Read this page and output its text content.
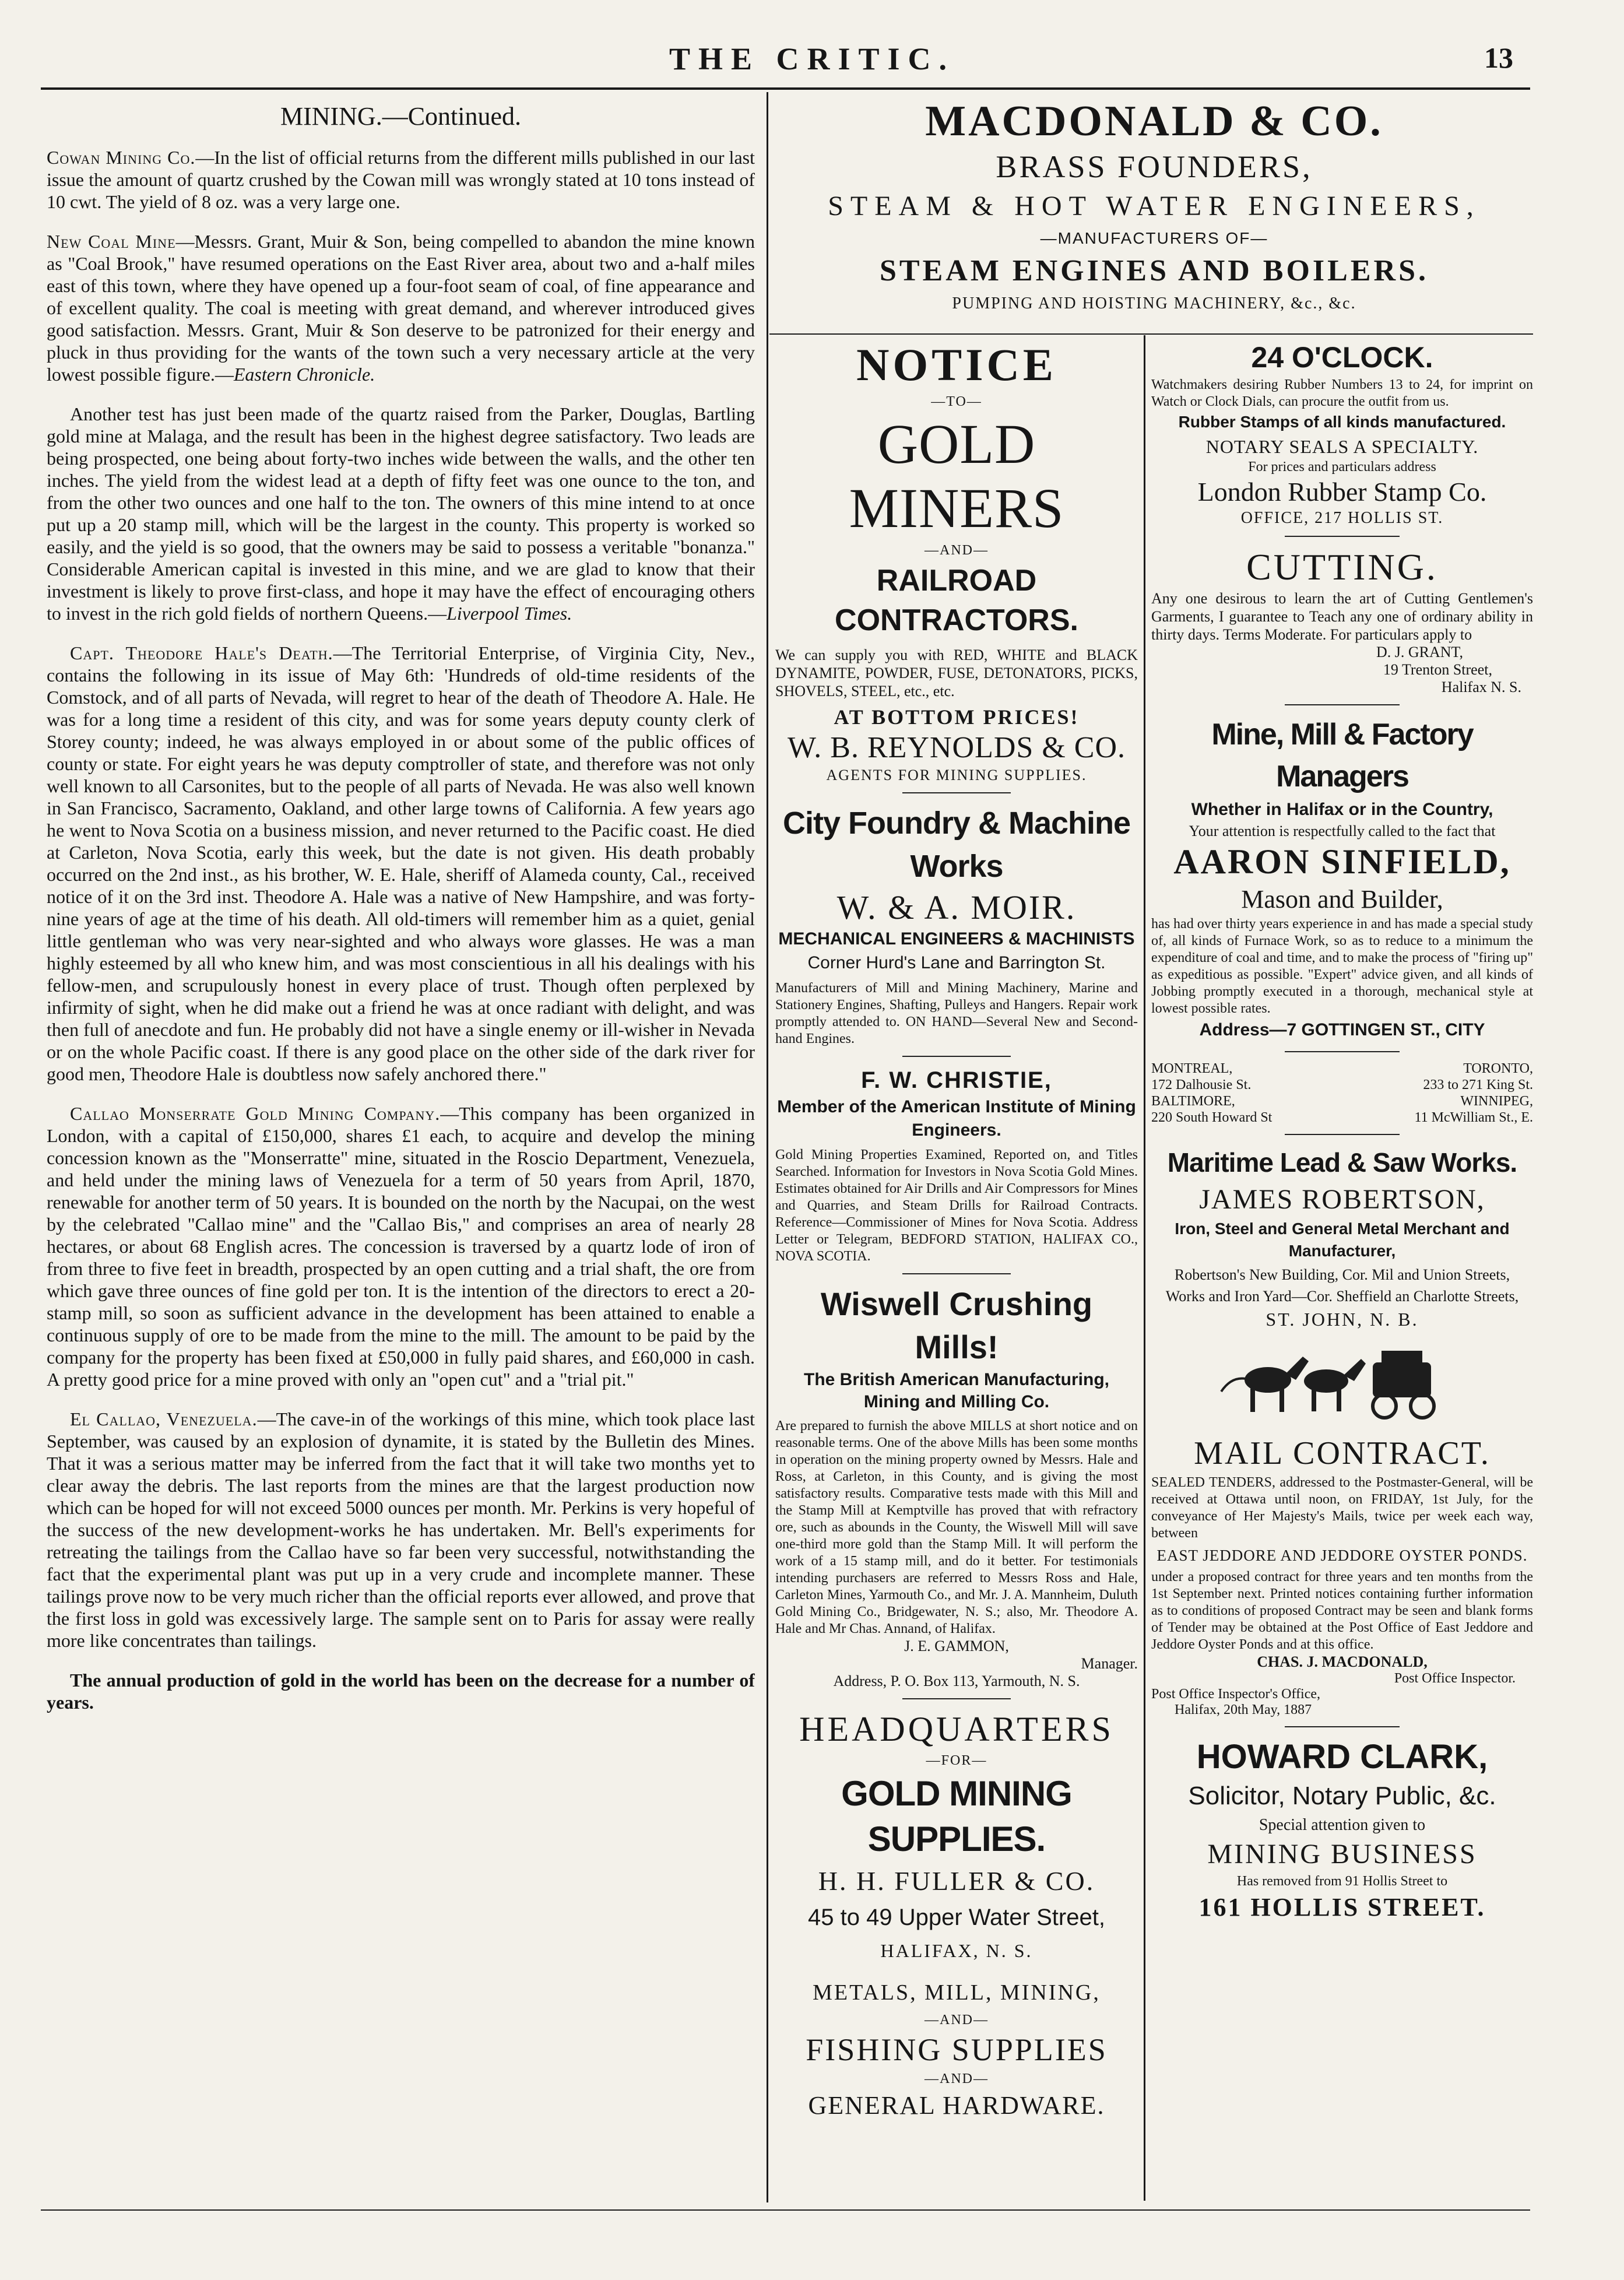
THE CRITIC.	13
MINING.—Continued.

Cowan Mining Co.—In the list of official returns from the different mills published in our last issue the amount of quartz crushed by the Cowan mill was wrongly stated at 10 tons instead of 10 cwt. The yield of 8 oz. was a very large one.

New Coal Mine—Messrs. Grant, Muir & Son, being compelled to abandon the mine known as "Coal Brook," have resumed operations on the East River area, about two and a-half miles east of this town, where they have opened up a four-foot seam of coal, of fine appearance and of excellent quality. The coal is meeting with great demand, and wherever introduced gives good satisfaction. Messrs. Grant, Muir & Son deserve to be patronized for their energy and pluck in thus providing for the wants of the town such a very necessary article at the very lowest possible figure.—Eastern Chronicle.

Another test has just been made of the quartz raised from the Parker, Douglas, Bartling gold mine at Malaga, and the result has been in the highest degree satisfactory. Two leads are being prospected, one being about forty-two inches wide between the walls, and the other ten inches. The yield from the widest lead at a depth of fifty feet was one ounce to the ton, and from the other two ounces and one half to the ton. The owners of this mine intend to at once put up a 20 stamp mill, which will be the largest in the county. This property is worked so easily, and the yield is so good, that the owners may be said to possess a veritable "bonanza." Considerable American capital is invested in this mine, and we are glad to know that their investment is likely to prove first-class, and hope it may have the effect of encouraging others to invest in the rich gold fields of northern Queens.—Liverpool Times.

Capt. Theodore Hale's Death.—The Territorial Enterprise, of Virginia City, Nev., contains the following in its issue of May 6th: 'Hundreds of old-time residents of the Comstock, and of all parts of Nevada, will regret to hear of the death of Theodore A. Hale. He was for a long time a resident of this city, and was for some years deputy county clerk of Storey county; indeed, he was always employed in or about some of the public offices of county or state. For eight years he was deputy comptroller of state, and therefore was not only well known to all Carsonites, but to the people of all parts of Nevada. He was also well known in San Francisco, Sacramento, Oakland, and other large towns of California. A few years ago he went to Nova Scotia on a business mission, and never returned to the Pacific coast. He died at Carleton, Nova Scotia, early this week, but the date is not given. His death probably occurred on the 2nd inst., as his brother, W. E. Hale, sheriff of Alameda county, Cal., received notice of it on the 3rd inst. Theodore A. Hale was a native of New Hampshire, and was forty-nine years of age at the time of his death. All old-timers will remember him as a quiet, genial little gentleman who was very near-sighted and who always wore glasses. He was a man highly esteemed by all who knew him, and was most conscientious in all his dealings with his fellow-men, and scrupulously honest in every place of trust. Though often perplexed by infirmity of sight, when he did make out a friend he was at once radiant with delight, and was then full of anecdote and fun. He probably did not have a single enemy or ill-wisher in Nevada or on the whole Pacific coast. If there is any good place on the other side of the dark river for good men, Theodore Hale is doubtless now safely anchored there."

Callao Monserrate Gold Mining Company.—This company has been organized in London, with a capital of £150,000, shares £1 each, to acquire and develop the mining concession known as the "Monserratte" mine, situated in the Roscio Department, Venezuela, and held under the mining laws of Venezuela for a term of 50 years from April, 1870, renewable for another term of 50 years. It is bounded on the north by the Nacupai, on the west by the celebrated "Callao mine" and the "Callao Bis," and comprises an area of nearly 28 hectares, or about 68 English acres. The concession is traversed by a quartz lode of iron of from three to five feet in breadth, prospected by an open cutting and a trial shaft, the ore from which gave three ounces of fine gold per ton. It is the intention of the directors to erect a 20-stamp mill, so soon as sufficient advance in the development has been attained to enable a continuous supply of ore to be made from the mine to the mill. The amount to be paid by the company for the property has been fixed at £50,000 in fully paid shares, and £60,000 in cash. A pretty good price for a mine proved with only an "open cut" and a "trial pit."

El Callao, Venezuela.—The cave-in of the workings of this mine, which took place last September, was caused by an explosion of dynamite, it is stated by the Bulletin des Mines. That it was a serious matter may be inferred from the fact that it will take two months yet to clear away the debris. The last reports from the mines are that the largest production now which can be hoped for will not exceed 5000 ounces per month. Mr. Perkins is very hopeful of the success of the new development-works he has undertaken. Mr. Bell's experiments for retreating the tailings from the Callao have so far been very successful, notwithstanding the fact that the experimental plant was put up in a very crude and incomplete manner. These tailings prove now to be very much richer than the official reports ever allowed, and prove that the first loss in gold was excessively large. The sample sent on to Paris for assay were really more like concentrates than tailings.

The annual production of gold in the world has been on the decrease for a number of years.

MACDONALD & CO.
BRASS FOUNDERS,
STEAM & HOT WATER ENGINEERS,
—MANUFACTURERS OF—
STEAM ENGINES AND BOILERS.
PUMPING AND HOISTING MACHINERY, &c., &c.
NOTICE
—TO—
GOLD MINERS
—AND—
RAILROAD CONTRACTORS.

We can supply you with RED, WHITE and BLACK DYNAMITE, POWDER, FUSE, DETONATORS, PICKS, SHOVELS, STEEL, etc., etc.

AT BOTTOM PRICES!
W. B. REYNOLDS & CO.
AGENTS FOR MINING SUPPLIES.
City Foundry & Machine Works
W. & A. MOIR.
MECHANICAL ENGINEERS & MACHINISTS
Corner Hurd's Lane and Barrington St.

Manufacturers of Mill and Mining Machinery, Marine and Stationery Engines, Shafting, Pulleys and Hangers. Repair work promptly attended to. ON HAND—Several New and Second-hand Engines.

F. W. CHRISTIE,
Member of the American Institute of Mining Engineers.

Gold Mining Properties Examined, Reported on, and Titles Searched. Information for Investors in Nova Scotia Gold Mines. Estimates obtained for Air Drills and Air Compressors for Mines and Quarries, and Steam Drills for Railroad Contracts. Reference—Commissioner of Mines for Nova Scotia. Address Letter or Telegram, BEDFORD STATION, HALIFAX CO., NOVA SCOTIA.

Wiswell Crushing Mills!
The British American Manufacturing, Mining and Milling Co.

Are prepared to furnish the above MILLS at short notice and on reasonable terms. One of the above Mills has been some months in operation on the mining property owned by Messrs. Hale and Ross, at Carleton, in this County, and is giving the most satisfactory results. Comparative tests made with this Mill and the Stamp Mill at Kemptville has proved that with refractory ore, such as abounds in the County, the Wiswell Mill will save one-third more gold than the Stamp Mill. It will perform the work of a 15 stamp mill, and do it better. For testimonials intending purchasers are referred to Messrs Ross and Hale, Carleton Mines, Yarmouth Co., and Mr. J. A. Mannheim, Duluth Gold Mining Co., Bridgewater, N. S.; also, Mr. Theodore A. Hale and Mr Chas. Annand, of Halifax.

J. E. GAMMON,
Manager.
Address, P. O. Box 113, Yarmouth, N. S.
HEADQUARTERS
—FOR—
GOLD MINING SUPPLIES.
H. H. FULLER & CO.
45 to 49 Upper Water Street,
HALIFAX, N. S.
METALS, MILL, MINING,
—AND—
FISHING SUPPLIES
—AND—
GENERAL HARDWARE.
24 O'CLOCK.

Watchmakers desiring Rubber Numbers 13 to 24, for imprint on Watch or Clock Dials, can procure the outfit from us.

Rubber Stamps of all kinds manufactured.
NOTARY SEALS A SPECIALTY.
For prices and particulars address
London Rubber Stamp Co.
OFFICE, 217 HOLLIS ST.
CUTTING.

Any one desirous to learn the art of Cutting Gentlemen's Garments, I guarantee to Teach any one of ordinary ability in thirty days. Terms Moderate. For particulars apply to

D. J. GRANT,
19 Trenton Street,
Halifax N. S.
Mine, Mill & Factory Managers
Whether in Halifax or in the Country,

Your attention is respectfully called to the fact that

AARON SINFIELD,
Mason and Builder,

has had over thirty years experience in and has made a special study of, all kinds of Furnace Work, so as to reduce to a minimum the expenditure of coal and time, and to make the process of "firing up" as expeditious as possible. "Expert" advice given, and all kinds of Jobbing promptly executed in a thorough, mechanical style at lowest possible rates.

Address—7 GOTTINGEN ST., CITY
MONTREAL,	TORONTO,
172 Dalhousie St.	233 to 271 King St.
BALTIMORE,	WINNIPEG,
220 South Howard St	11 McWilliam St., E.
Maritime Lead & Saw Works.
JAMES ROBERTSON,
Iron, Steel and General Metal Merchant and Manufacturer,

Robertson's New Building, Cor. Mil and Union Streets,

Works and Iron Yard—Cor. Sheffield an Charlotte Streets,

ST. JOHN, N. B.
MAIL CONTRACT.

SEALED TENDERS, addressed to the Postmaster-General, will be received at Ottawa until noon, on FRIDAY, 1st July, for the conveyance of Her Majesty's Mails, twice per week each way, between

EAST JEDDORE AND JEDDORE OYSTER PONDS.

under a proposed contract for three years and ten months from the 1st September next. Printed notices containing further information as to conditions of proposed Contract may be seen and blank forms of Tender may be obtained at the Post Office of East Jeddore and Jeddore Oyster Ponds and at this office.

CHAS. J. MACDONALD,
Post Office Inspector.
Post Office Inspector's Office,
Halifax, 20th May, 1887
HOWARD CLARK,
Solicitor, Notary Public, &c.
Special attention given to
MINING BUSINESS
Has removed from 91 Hollis Street to
161 HOLLIS STREET.
